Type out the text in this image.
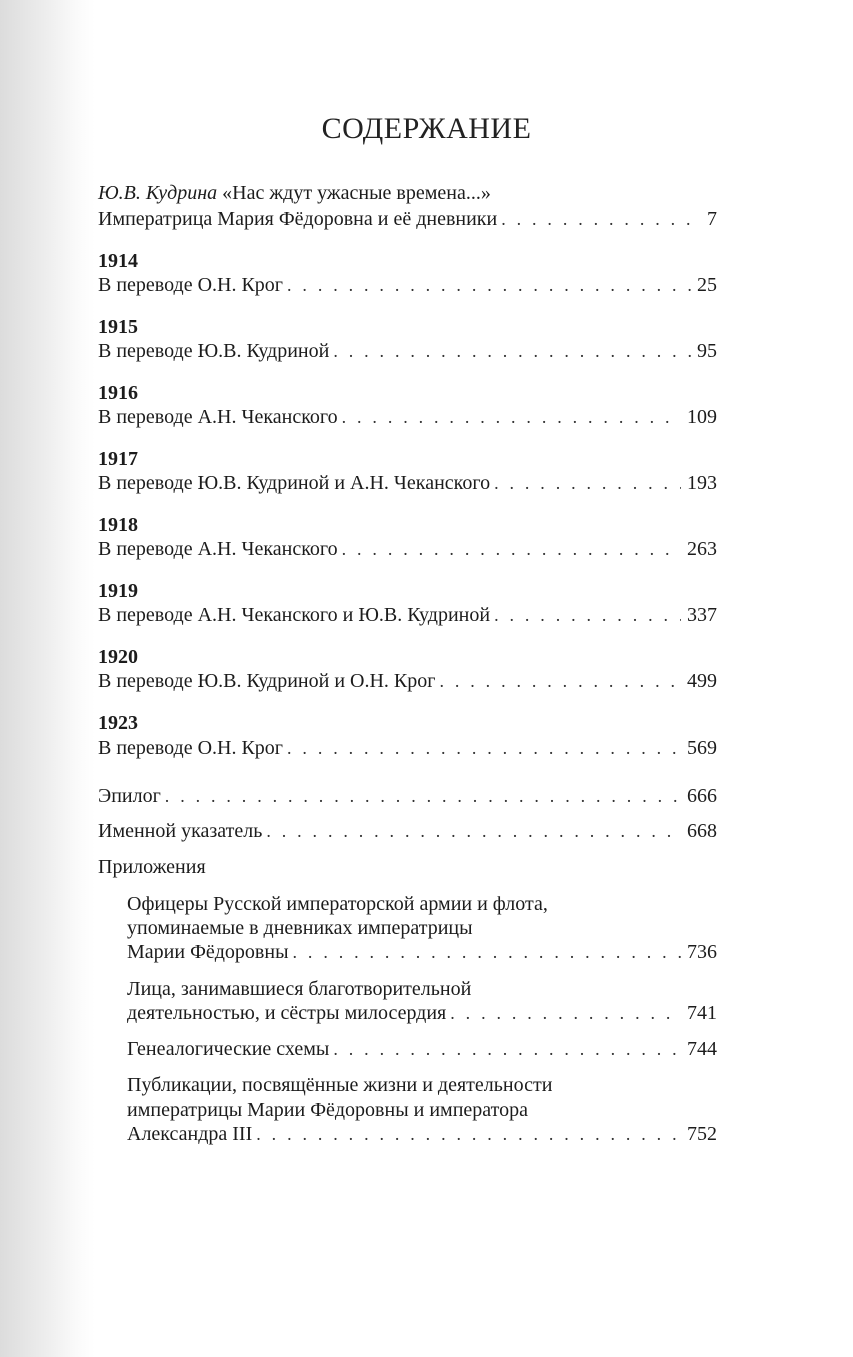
СОДЕРЖАНИЕ
Ю.В. Кудрина
«Нас ждут ужасные времена...»
Императрица Мария Фёдоровна и её дневники . . .	7
1914
В переводе О.Н. Крог . . .	25
1915
В переводе Ю.В. Кудриной . . .	95
1916
В переводе А.Н. Чеканского . . .	109
1917
В переводе Ю.В. Кудриной и А.Н. Чеканского . . .	193
1918
В переводе А.Н. Чеканского . . .	263
1919
В переводе А.Н. Чеканского и Ю.В. Кудриной . . .	337
1920
В переводе Ю.В. Кудриной и О.Н. Крог . . .	499
1923
В переводе О.Н. Крог . . .	569
Эпилог . . .	666
Именной указатель . . .	668
Приложения
Офицеры Русской императорской армии и флота,
упоминаемые в дневниках императрицы
Марии Фёдоровны . . .	736
Лица, занимавшиеся благотворительной
деятельностью, и сёстры милосердия . . .	741
Генеалогические схемы . . .	744
Публикации, посвящённые жизни и деятельности
императрицы Марии Фёдоровны и императора
Александра III . . .	752
